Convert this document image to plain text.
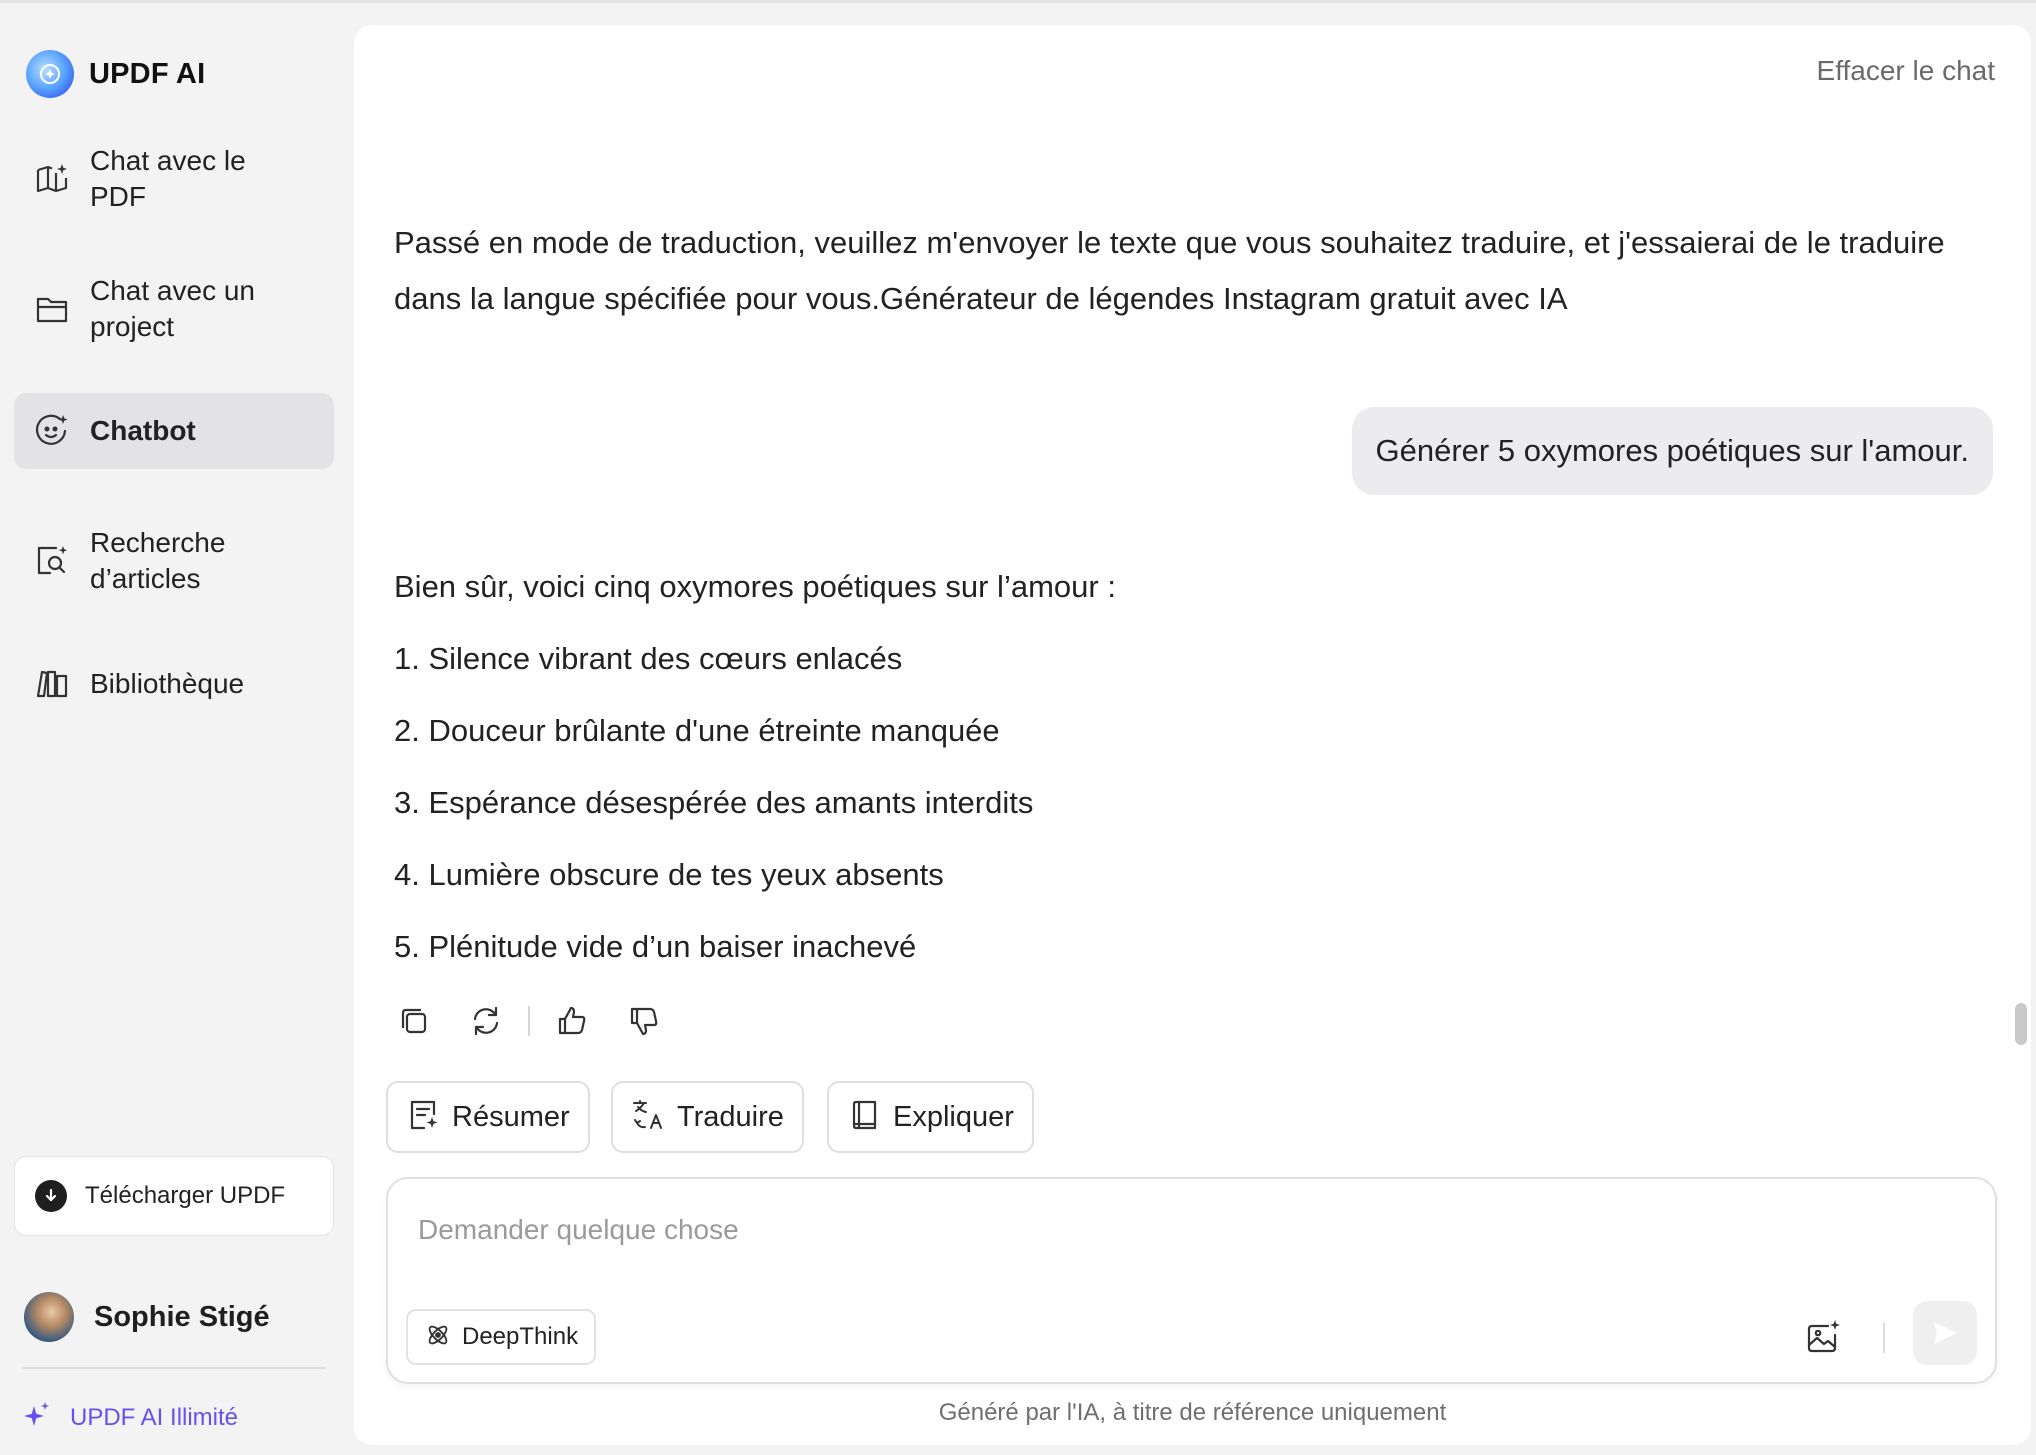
UPDF AI
Chat avec le PDF
Chat avec un project
Chatbot
Recherche d’articles
Bibliothèque
Télécharger UPDF
Sophie Stigé
UPDF AI Illimité
Effacer le chat

Passé en mode de traduction, veuillez m'envoyer le texte que vous souhaitez traduire, et j'essaierai de le traduire dans la langue spécifiée pour vous.Générateur de légendes Instagram gratuit avec IA

Générer 5 oxymores poétiques sur l'amour.

Bien sûr, voici cinq oxymores poétiques sur l’amour :

1. Silence vibrant des cœurs enlacés
2. Douceur brûlante d'une étreinte manquée
3. Espérance désespérée des amants interdits
4. Lumière obscure de tes yeux absents
5. Plénitude vide d’un baiser inachevé
Résumer	Traduire	Expliquer
Demander quelque chose
DeepThink
Généré par l'IA, à titre de référence uniquement
